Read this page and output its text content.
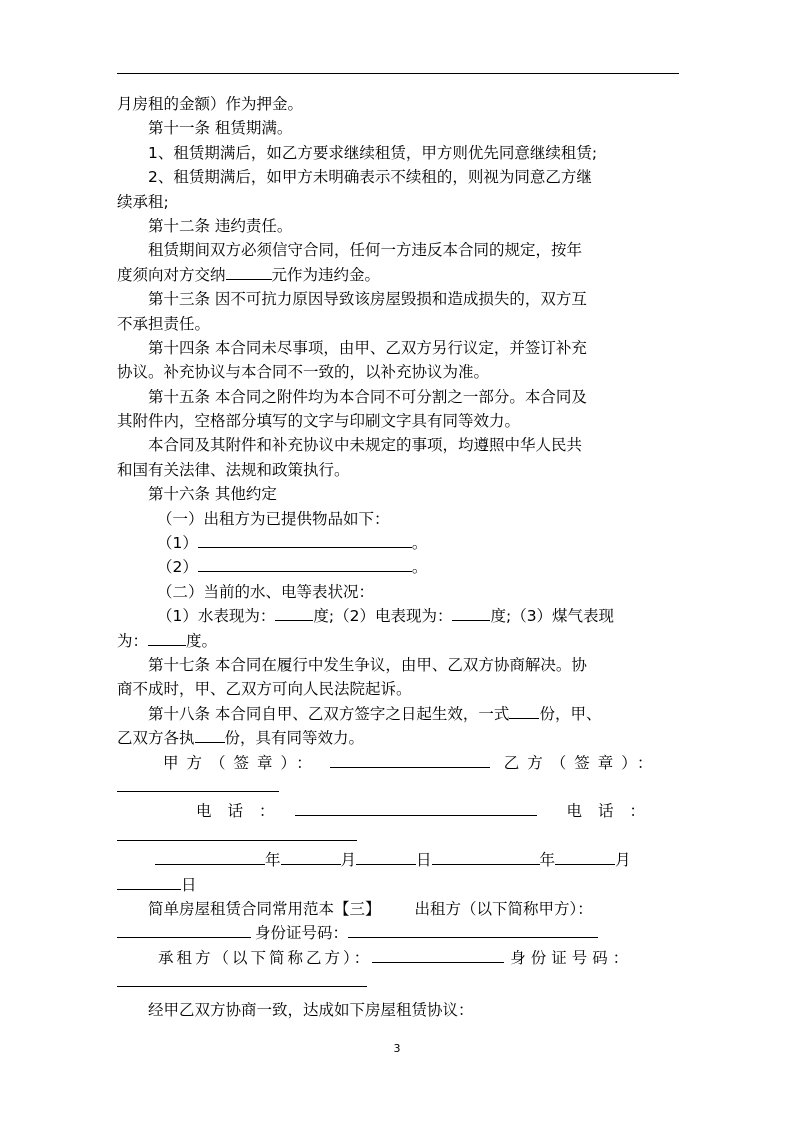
月房租的金额）作为押金。
第十一条 租赁期满。
1、租赁期满后，如乙方要求继续租赁，甲方则优先同意继续租赁;
2、租赁期满后，如甲方未明确表示不续租的，则视为同意乙方继
续承租;
第十二条 违约责任。
租赁期间双方必须信守合同，任何一方违反本合同的规定，按年
度须向对方交纳	元作为违约金。
第十三条 因不可抗力原因导致该房屋毁损和造成损失的，双方互
不承担责任。
第十四条 本合同未尽事项，由甲、乙双方另行议定，并签订补充
协议。补充协议与本合同不一致的，以补充协议为准。
第十五条 本合同之附件均为本合同不可分割之一部分。本合同及
其附件内，空格部分填写的文字与印刷文字具有同等效力。
本合同及其附件和补充协议中未规定的事项，均遵照中华人民共
和国有关法律、法规和政策执行。
第十六条 其他约定
（一）出租方为已提供物品如下：
（1）	。
（2）	。
（二）当前的水、电等表状况：
（1）水表现为： 度;（2）电表现为： 度;（3）煤气表现
为： 度。
第十七条 本合同在履行中发生争议，由甲、乙双方协商解决。协
商不成时，甲、乙双方可向人民法院起诉。
第十八条 本合同自甲、乙双方签字之日起生效，一式 份，甲、
乙双方各执 份，具有同等效力。
甲方（签章）：	乙方（签章）：
电话：	电话：
年	月	日	年	月
日
简单房屋租赁合同常用范本【三】 出租方（以下简称甲方）：
身份证号码：
承租方（以下简称乙方）：	身份证号码：
经甲乙双方协商一致，达成如下房屋租赁协议：
3
